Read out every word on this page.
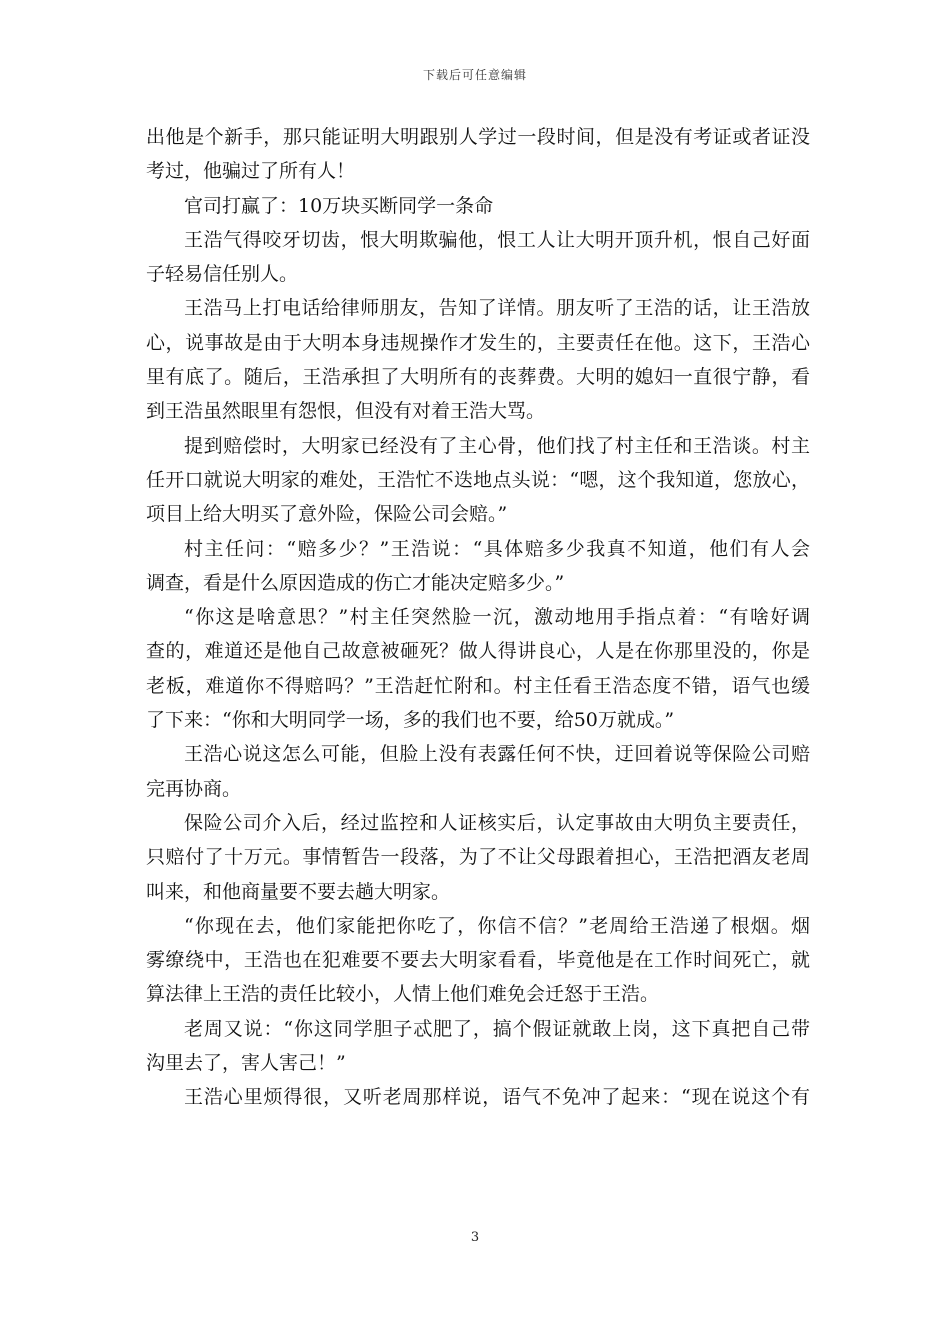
下载后可任意编辑
出他是个新手，那只能证明大明跟别人学过一段时间，但是没有考证或者证没
考过，他骗过了所有人！
官司打赢了：10万块买断同学一条命
王浩气得咬牙切齿，恨大明欺骗他，恨工人让大明开顶升机，恨自己好面
子轻易信任别人。
王浩马上打电话给律师朋友，告知了详情。朋友听了王浩的话，让王浩放
心，说事故是由于大明本身违规操作才发生的，主要责任在他。这下，王浩心
里有底了。随后，王浩承担了大明所有的丧葬费。大明的媳妇一直很宁静，看
到王浩虽然眼里有怨恨，但没有对着王浩大骂。
提到赔偿时，大明家已经没有了主心骨，他们找了村主任和王浩谈。村主
任开口就说大明家的难处，王浩忙不迭地点头说：“嗯，这个我知道，您放心，
项目上给大明买了意外险，保险公司会赔。”
村主任问：“赔多少？”王浩说：“具体赔多少我真不知道，他们有人会
调查，看是什么原因造成的伤亡才能决定赔多少。”
“你这是啥意思？”村主任突然脸一沉，激动地用手指点着：“有啥好调
查的，难道还是他自己故意被砸死？做人得讲良心，人是在你那里没的，你是
老板，难道你不得赔吗？”王浩赶忙附和。村主任看王浩态度不错，语气也缓
了下来：“你和大明同学一场，多的我们也不要，给50万就成。”
王浩心说这怎么可能，但脸上没有表露任何不快，迂回着说等保险公司赔
完再协商。
保险公司介入后，经过监控和人证核实后，认定事故由大明负主要责任，
只赔付了十万元。事情暂告一段落，为了不让父母跟着担心，王浩把酒友老周
叫来，和他商量要不要去趟大明家。
“你现在去，他们家能把你吃了，你信不信？”老周给王浩递了根烟。烟
雾缭绕中，王浩也在犯难要不要去大明家看看，毕竟他是在工作时间死亡，就
算法律上王浩的责任比较小，人情上他们难免会迁怒于王浩。
老周又说：“你这同学胆子忒肥了，搞个假证就敢上岗，这下真把自己带
沟里去了，害人害己！”
王浩心里烦得很，又听老周那样说，语气不免冲了起来：“现在说这个有
3
